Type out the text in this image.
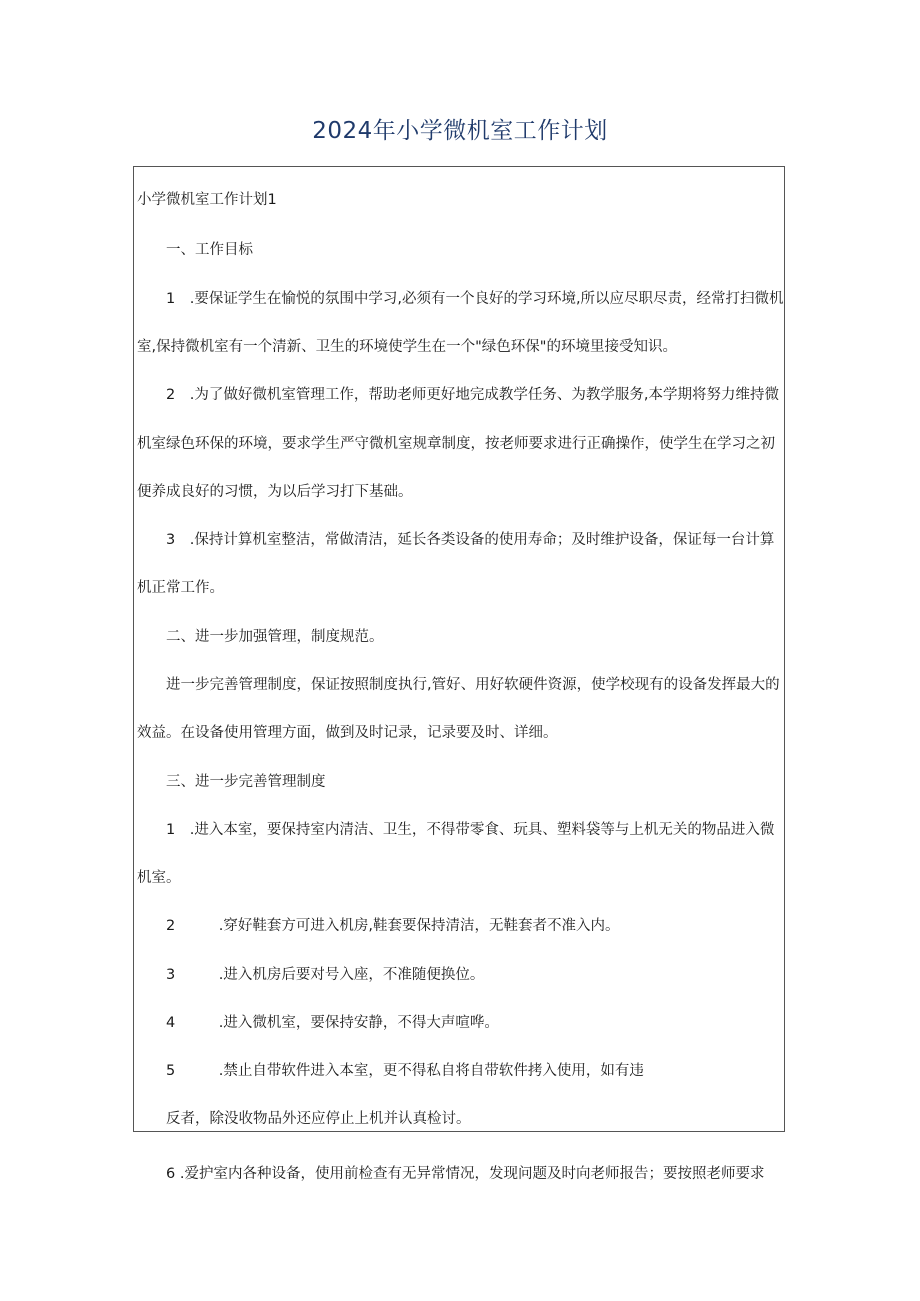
2024年小学微机室工作计划
小学微机室工作计划1
一、工作目标
1　.要保证学生在愉悦的氛围中学习,必须有一个良好的学习环境,所以应尽职尽责，经常打扫微机
室,保持微机室有一个清新、卫生的环境使学生在一个"绿色环保"的环境里接受知识。
2　.为了做好微机室管理工作，帮助老师更好地完成教学任务、为教学服务,本学期将努力维持微
机室绿色环保的环境，要求学生严守微机室规章制度，按老师要求进行正确操作，使学生在学习之初
便养成良好的习惯，为以后学习打下基础。
3　.保持计算机室整洁，常做清洁，延长各类设备的使用寿命；及时维护设备，保证每一台计算
机正常工作。
二、进一步加强管理，制度规范。
进一步完善管理制度，保证按照制度执行,管好、用好软硬件资源，使学校现有的设备发挥最大的
效益。在设备使用管理方面，做到及时记录，记录要及时、详细。
三、进一步完善管理制度
1　.进入本室，要保持室内清洁、卫生，不得带零食、玩具、塑料袋等与上机无关的物品进入微
机室。
2　　　.穿好鞋套方可进入机房,鞋套要保持清洁，无鞋套者不准入内。
3　　　.进入机房后要对号入座，不准随便换位。
4　　　.进入微机室，要保持安静，不得大声喧哗。
5　　　.禁止自带软件进入本室，更不得私自将自带软件拷入使用，如有违
反者，除没收物品外还应停止上机并认真检讨。
6 .爱护室内各种设备，使用前检查有无异常情况，发现问题及时向老师报告；要按照老师要求
